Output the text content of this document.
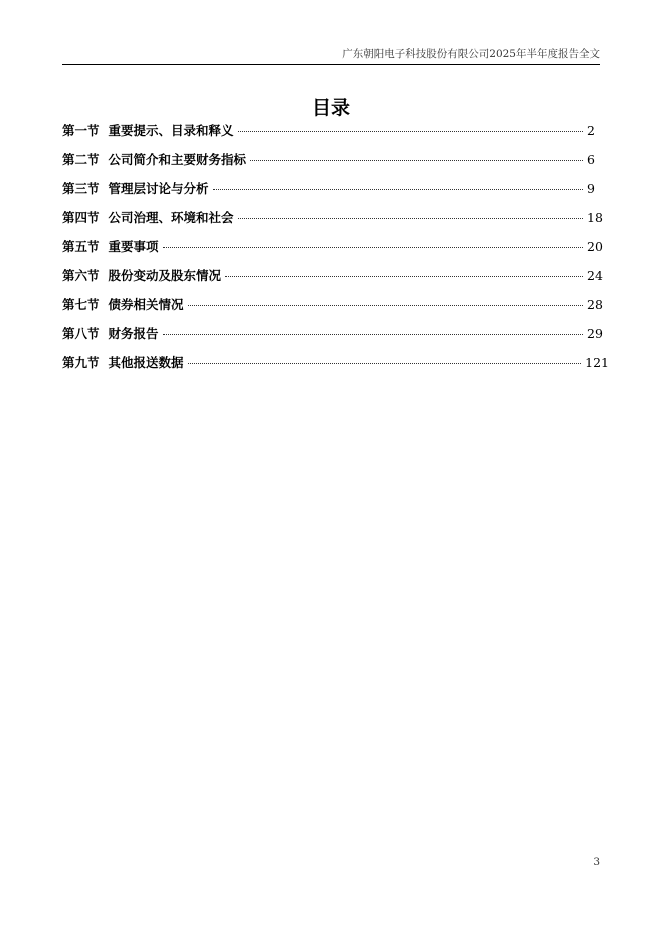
广东朝阳电子科技股份有限公司2025年半年度报告全文
目录
第一节 重要提示、目录和释义	2
第二节 公司简介和主要财务指标	6
第三节 管理层讨论与分析	9
第四节 公司治理、环境和社会	18
第五节 重要事项	20
第六节 股份变动及股东情况	24
第七节 债券相关情况	28
第八节 财务报告	29
第九节 其他报送数据	121
3
